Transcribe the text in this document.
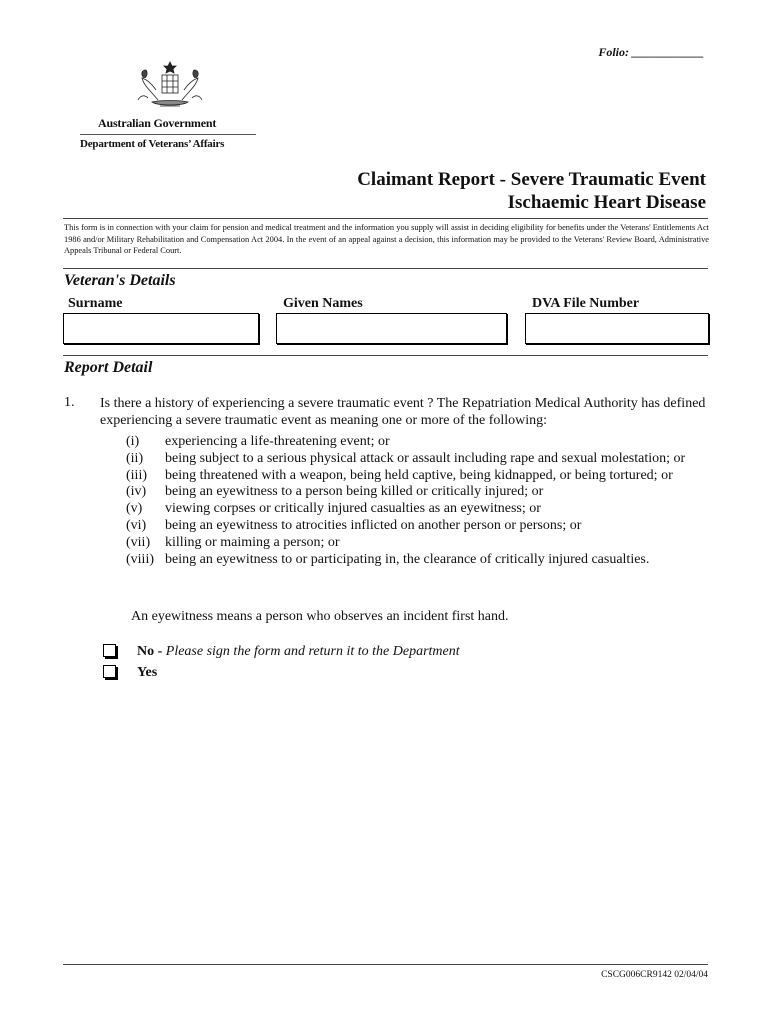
Folio: ____________
Australian Government
Department of Veterans’ Affairs
Claimant Report - Severe Traumatic Event
Ischaemic Heart Disease
This form is in connection with your claim for pension and medical treatment and the information you supply will assist in deciding eligibility for benefits under the Veterans' Entitlements Act 1986 and/or Military Rehabilitation and Compensation Act 2004. In the event of an appeal against a decision, this information may be provided to the Veterans' Review Board, Administrative Appeals Tribunal or Federal Court.
Veteran's Details
Surname	Given Names	DVA File Number
Report Detail
1. Is there a history of experiencing a severe traumatic event ? The Repatriation Medical Authority has defined experiencing a severe traumatic event as meaning one or more of the following:
(i)	experiencing a life-threatening event; or
(ii)	being subject to a serious physical attack or assault including rape and sexual molestation; or
(iii)	being threatened with a weapon, being held captive, being kidnapped, or being tortured; or
(iv)	being an eyewitness to a person being killed or critically injured; or
(v)	viewing corpses or critically injured casualties as an eyewitness; or
(vi)	being an eyewitness to atrocities inflicted on another person or persons; or
(vii)	killing or maiming a person; or
(viii) being an eyewitness to or participating in, the clearance of critically injured casualties.
An eyewitness means a person who observes an incident first hand.
No - Please sign the form and return it to the Department
Yes
CSCG006CR9142 02/04/04
